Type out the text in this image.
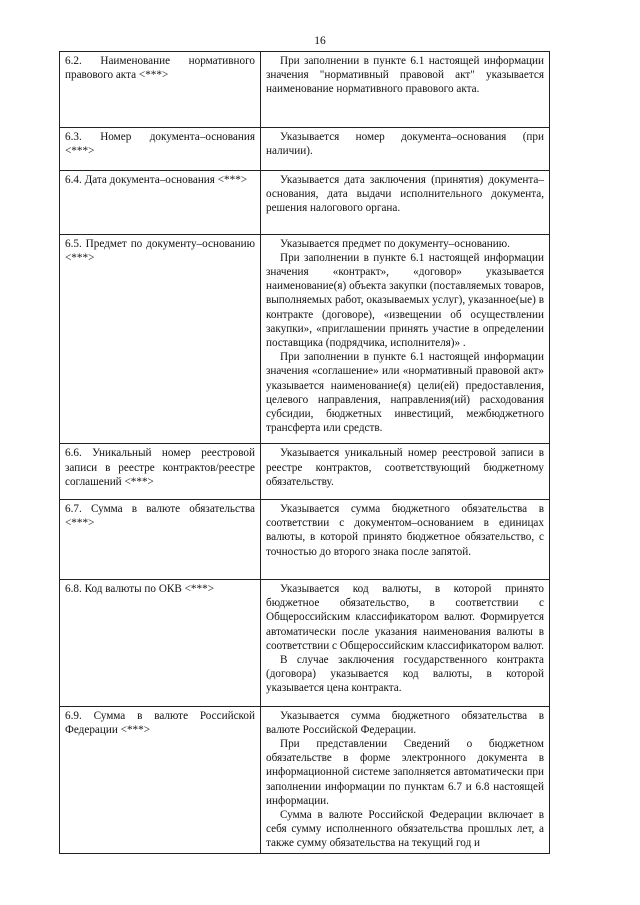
16
6.2. Наименование нормативного правового акта <***>	При заполнении в пункте 6.1 настоящей информации значения "нормативный правовой акт" указывается наименование нормативного правового акта.

6.3. Номер документа–основания <***>	Указывается номер документа–основания (при наличии).

6.4. Дата документа–основания <***>	Указывается дата заключения (принятия) документа–основания, дата выдачи исполнительного документа, решения налогового органа.

6.5. Предмет по документу–основанию <***>	Указывается предмет по документу–основанию.

При заполнении в пункте 6.1 настоящей информации значения «контракт», «договор» указывается наименование(я) объекта закупки (поставляемых товаров, выполняемых работ, оказываемых услуг), указанное(ые) в контракте (договоре), «извещении об осуществлении закупки», «приглашении принять участие в определении поставщика (подрядчика, исполнителя)» .

При заполнении в пункте 6.1 настоящей информации значения «соглашение» или «нормативный правовой акт» указывается наименование(я) цели(ей) предоставления, целевого направления, направления(ий) расходования субсидии, бюджетных инвестиций, межбюджетного трансферта или средств.

6.6. Уникальный номер реестровой записи в реестре контрактов/реестре соглашений <***>	Указывается уникальный номер реестровой записи в реестре контрактов, соответствующий бюджетному обязательству.

6.7. Сумма в валюте обязательства <***>	Указывается сумма бюджетного обязательства в соответствии с документом–основанием в единицах валюты, в которой принято бюджетное обязательство, с точностью до второго знака после запятой.

6.8. Код валюты по ОКВ <***>	Указывается код валюты, в которой принято бюджетное обязательство, в соответствии с Общероссийским классификатором валют. Формируется автоматически после указания наименования валюты в соответствии с Общероссийским классификатором валют.

В случае заключения государственного контракта (договора) указывается код валюты, в которой указывается цена контракта.

6.9. Сумма в валюте Российской Федерации <***>	Указывается сумма бюджетного обязательства в валюте Российской Федерации.

При представлении Сведений о бюджетном обязательстве в форме электронного документа в информационной системе заполняется автоматически при заполнении информации по пунктам 6.7 и 6.8 настоящей информации.

Сумма в валюте Российской Федерации включает в себя сумму исполненного обязательства прошлых лет, а также сумму обязательства на текущий год и
